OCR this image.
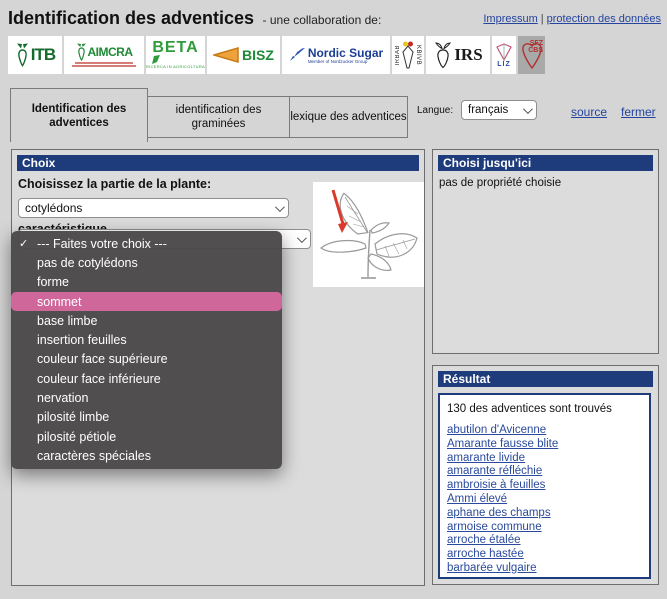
Identification des adventices - une collaboration de:	Impressum | protection des données
ITB	AIMCRA BETA
RICERCA IN AGRICOLTURA
BISZ	Nordic Sugar
Member of Nordzucker Group	IRBAB KBIVB IRS LIZ
SFZ
CBS
Identification des adventices
identification des graminées
lexique des adventices
Langue: français	source fermer
Choix
Choisissez la partie de la plante:
cotylédons
✓ --- Faites votre choix ---
pas de cotylédons
forme
sommet
base limbe
insertion feuilles
couleur face supérieure
couleur face inférieure
nervation
pilosité limbe
pilosité pétiole
caractères spéciales
Choisi jusqu'ici
pas de propriété choisie
Résultat
130 des adventices sont trouvés
abutilon d'Avicenne
Amarante fausse blite
amarante livide
amarante réfléchie
ambroisie à feuilles
Ammi élevé
aphane des champs
armoise commune
arroche étalée
arroche hastée
barbarée vulgaire
